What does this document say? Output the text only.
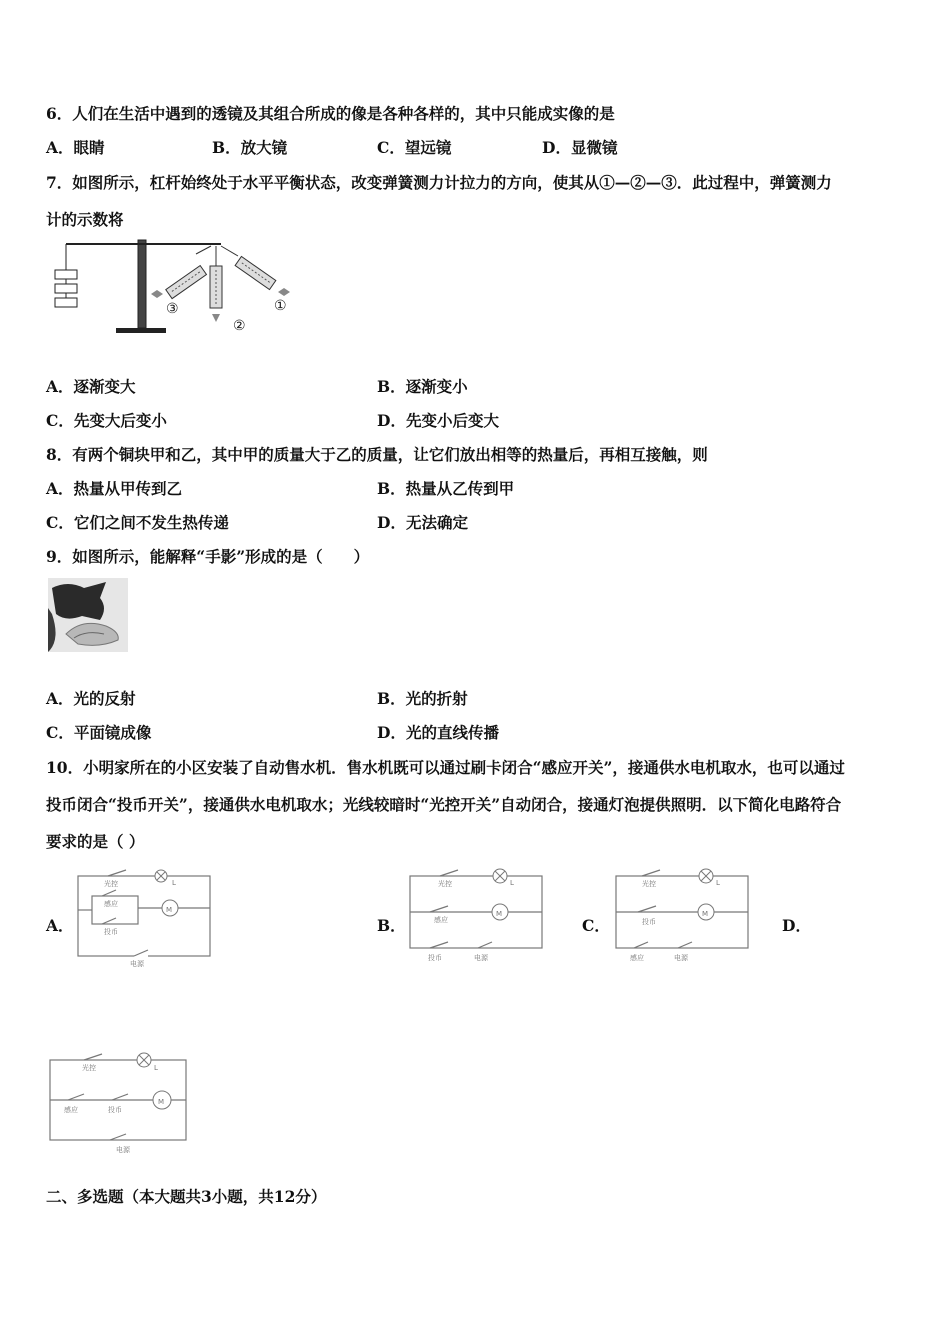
6．人们在生活中遇到的透镜及其组合所成的像是各种各样的，其中只能成实像的是
A．眼睛	B．放大镜	C．望远镜	D．显微镜
7．如图所示，杠杆始终处于水平平衡状态，改变弹簧测力计拉力的方向，使其从①—②—③．此过程中，弹簧测力
计的示数将
③
②
①
A．逐渐变大	B．逐渐变小
C．先变大后变小	D．先变小后变大
8．有两个铜块甲和乙，其中甲的质量大于乙的质量，让它们放出相等的热量后，再相互接触，则
A．热量从甲传到乙	B．热量从乙传到甲
C．它们之间不发生热传递	D．无法确定
9．如图所示，能解释“手影”形成的是（　　）
A．光的反射	B．光的折射
C．平面镜成像	D．光的直线传播
10．小明家所在的小区安装了自动售水机．售水机既可以通过刷卡闭合“感应开关”，接通供水电机取水，也可以通过
投币闭合“投币开关”，接通供水电机取水；光线较暗时“光控开关”自动闭合，接通灯泡提供照明．以下简化电路符合
要求的是（ ）
A．	B．	C．	D．
M
L
光控
感应
投币
电源
M
L
光控
感应
投币	电源
M
L
光控
投币
感应	电源
M
L
光控
感应	投币
电源
二、多选题（本大题共3小题，共12分）
